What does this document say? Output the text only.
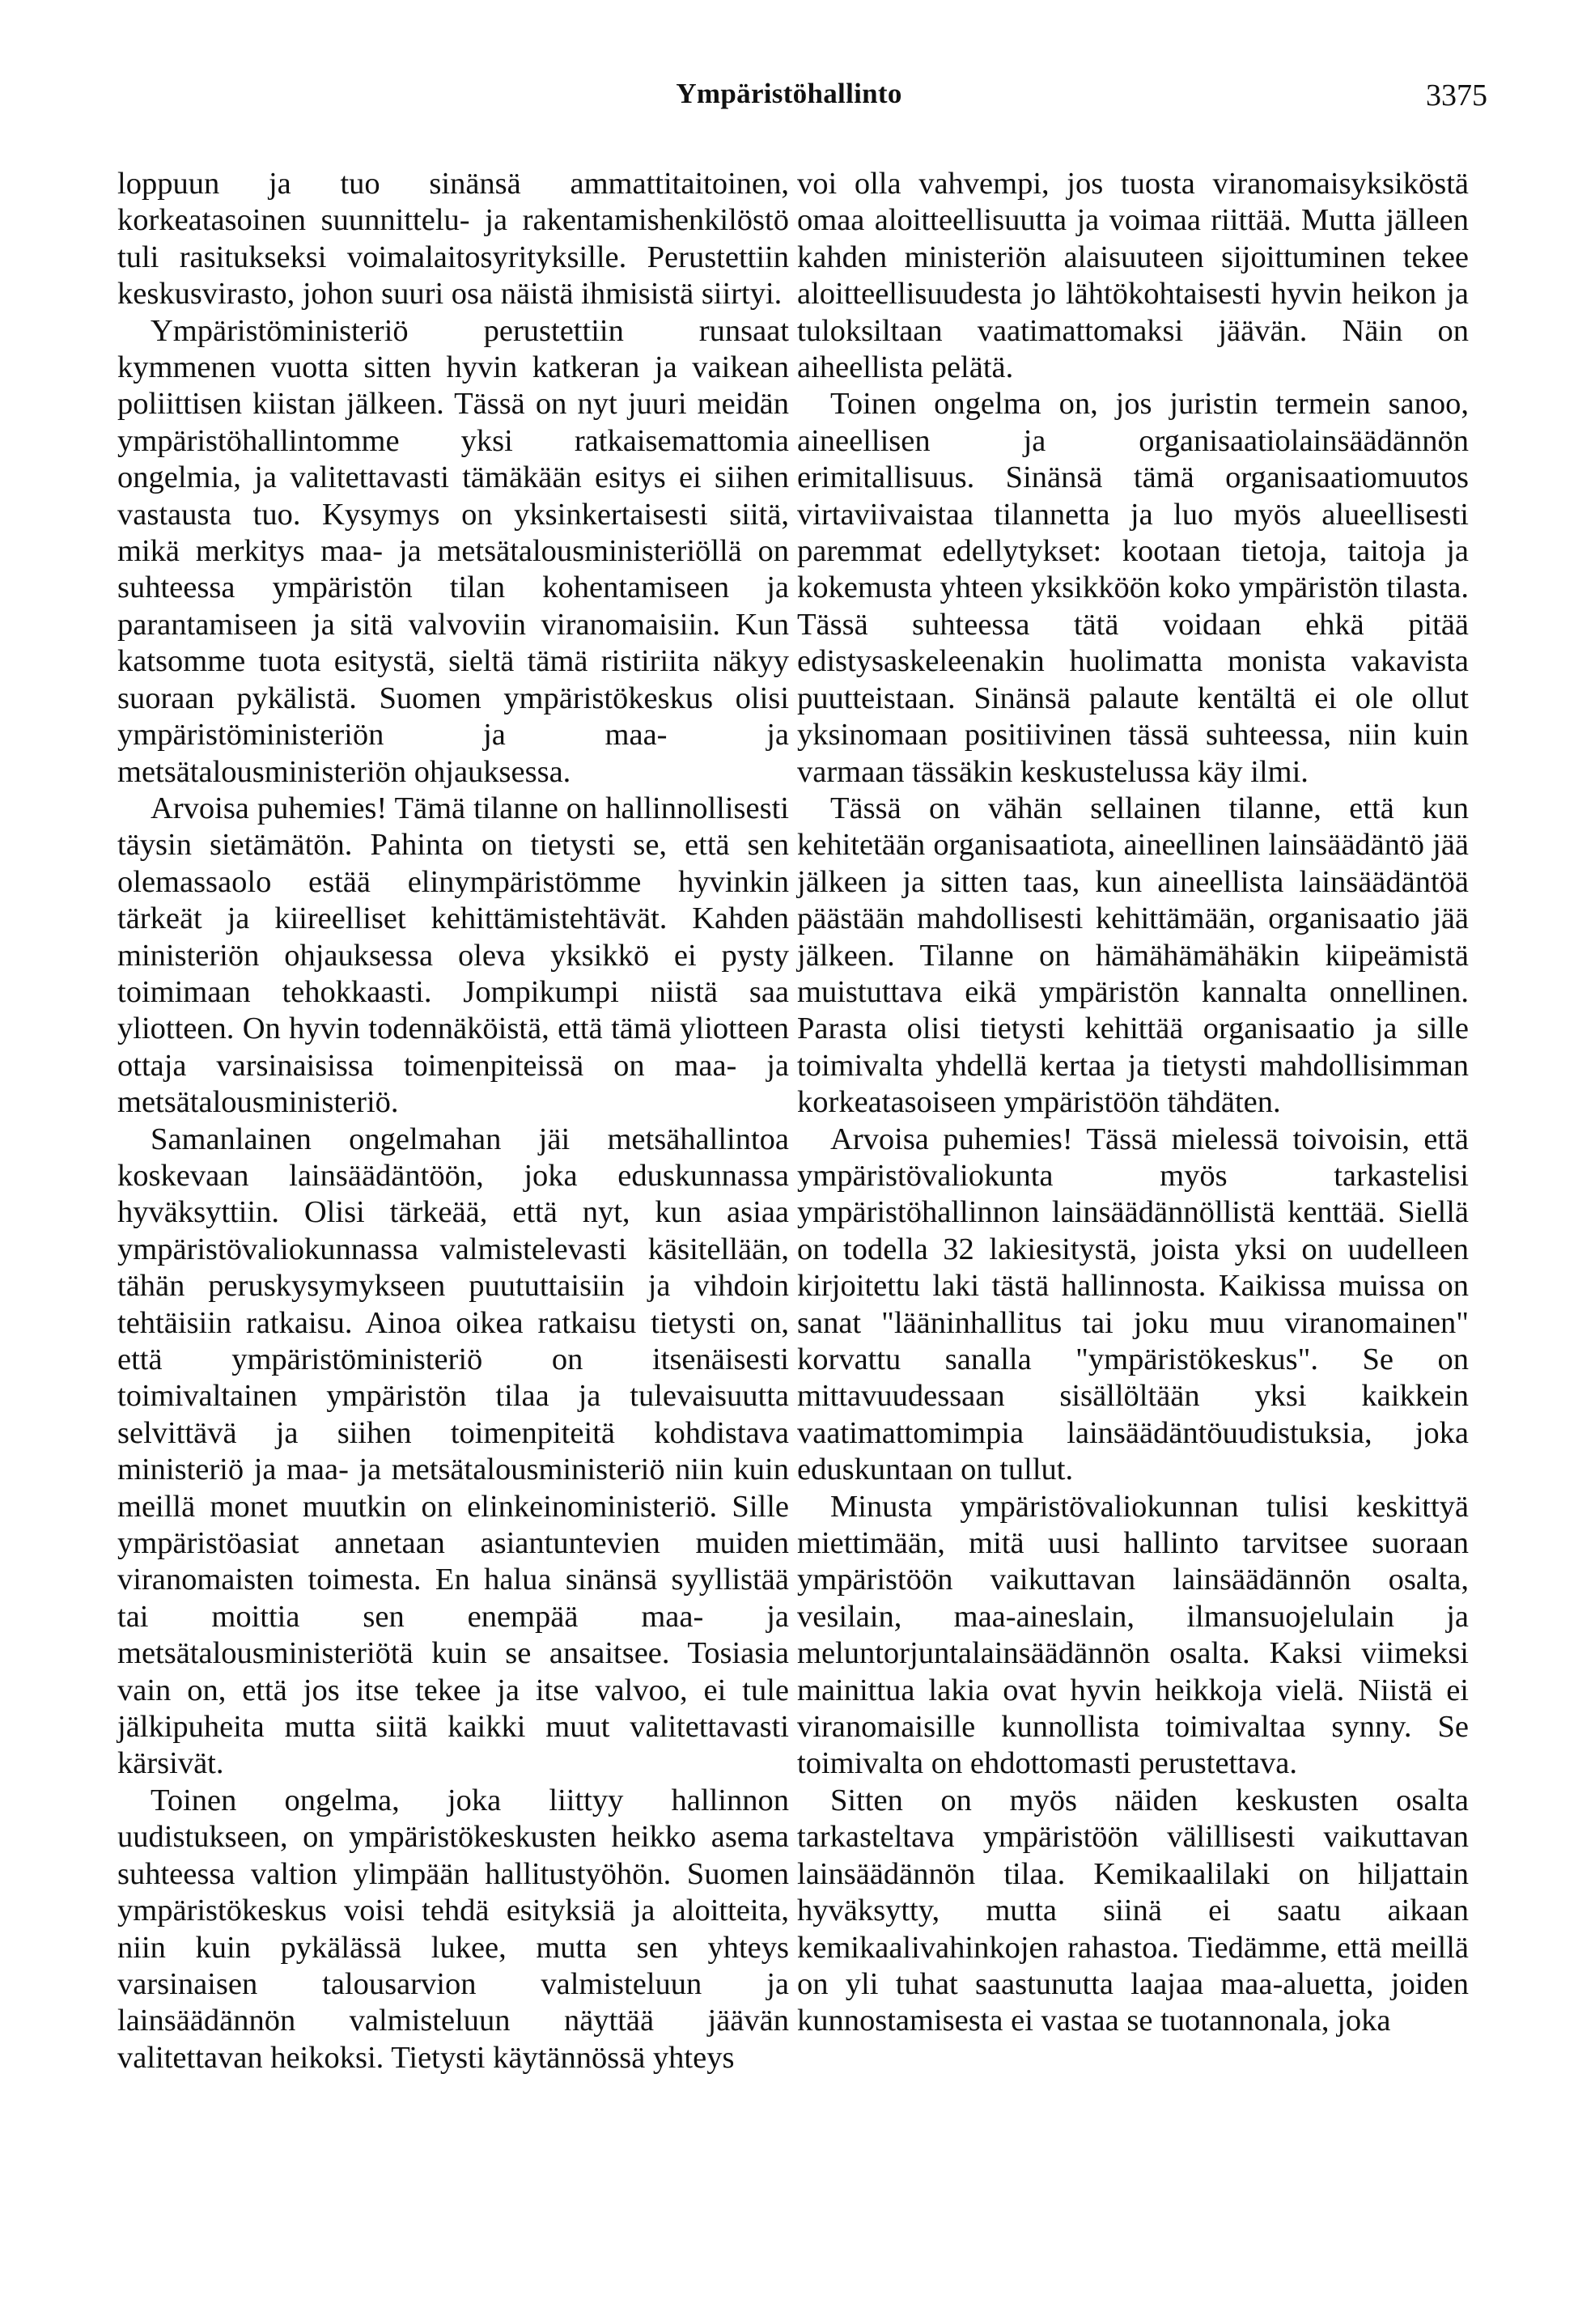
Ympäristöhallinto	3375

loppuun ja tuo sinänsä ammattitaitoinen, korkeatasoinen suunnittelu- ja rakentamishenkilöstö tuli rasitukseksi voimalaitosyrityksille. Perustettiin keskusvirasto, johon suuri osa näistä ihmisistä siirtyi.

Ympäristöministeriö perustettiin runsaat kymmenen vuotta sitten hyvin katkeran ja vaikean poliittisen kiistan jälkeen. Tässä on nyt juuri meidän ympäristöhallintomme yksi ratkaisemattomia ongelmia, ja valitettavasti tämäkään esitys ei siihen vastausta tuo. Kysymys on yksinkertaisesti siitä, mikä merkitys maa- ja metsätalousministeriöllä on suhteessa ympäristön tilan kohentamiseen ja parantamiseen ja sitä valvoviin viranomaisiin. Kun katsomme tuota esitystä, sieltä tämä ristiriita näkyy suoraan pykälistä. Suomen ympäristökeskus olisi ympäristöministeriön ja maa- ja metsätalousministeriön ohjauksessa.

Arvoisa puhemies! Tämä tilanne on hallinnollisesti täysin sietämätön. Pahinta on tietysti se, että sen olemassaolo estää elinympäristömme hyvinkin tärkeät ja kiireelliset kehittämistehtävät. Kahden ministeriön ohjauksessa oleva yksikkö ei pysty toimimaan tehokkaasti. Jompikumpi niistä saa yliotteen. On hyvin todennäköistä, että tämä yliotteen ottaja varsinaisissa toimenpiteissä on maa- ja metsätalousministeriö.

Samanlainen ongelmahan jäi metsähallintoa koskevaan lainsäädäntöön, joka eduskunnassa hyväksyttiin. Olisi tärkeää, että nyt, kun asiaa ympäristövaliokunnassa valmistelevasti käsitellään, tähän peruskysymykseen puututtaisiin ja vihdoin tehtäisiin ratkaisu. Ainoa oikea ratkaisu tietysti on, että ympäristöministeriö on itsenäisesti toimivaltainen ympäristön tilaa ja tulevaisuutta selvittävä ja siihen toimenpiteitä kohdistava ministeriö ja maa- ja metsätalousministeriö niin kuin meillä monet muutkin on elinkeinoministeriö. Sille ympäristöasiat annetaan asiantuntevien muiden viranomaisten toimesta. En halua sinänsä syyllistää tai moittia sen enempää maa- ja metsätalousministeriötä kuin se ansaitsee. Tosiasia vain on, että jos itse tekee ja itse valvoo, ei tule jälkipuheita mutta siitä kaikki muut valitettavasti kärsivät.

Toinen ongelma, joka liittyy hallinnon uudistukseen, on ympäristökeskusten heikko asema suhteessa valtion ylimpään hallitustyöhön. Suomen ympäristökeskus voisi tehdä esityksiä ja aloitteita, niin kuin pykälässä lukee, mutta sen yhteys varsinaisen talousarvion valmisteluun ja lainsäädännön valmisteluun näyttää jäävän valitettavan heikoksi. Tietysti käytännössä yhteys

voi olla vahvempi, jos tuosta viranomaisyksiköstä omaa aloitteellisuutta ja voimaa riittää. Mutta jälleen kahden ministeriön alaisuuteen sijoittuminen tekee aloitteellisuudesta jo lähtökohtaisesti hyvin heikon ja tuloksiltaan vaatimattomaksi jäävän. Näin on aiheellista pelätä.

Toinen ongelma on, jos juristin termein sanoo, aineellisen ja organisaatiolainsäädännön erimitallisuus. Sinänsä tämä organisaatiomuutos virtaviivaistaa tilannetta ja luo myös alueellisesti paremmat edellytykset: kootaan tietoja, taitoja ja kokemusta yhteen yksikköön koko ympäristön tilasta. Tässä suhteessa tätä voidaan ehkä pitää edistysaskeleenakin huolimatta monista vakavista puutteistaan. Sinänsä palaute kentältä ei ole ollut yksinomaan positiivinen tässä suhteessa, niin kuin varmaan tässäkin keskustelussa käy ilmi.

Tässä on vähän sellainen tilanne, että kun kehitetään organisaatiota, aineellinen lainsäädäntö jää jälkeen ja sitten taas, kun aineellista lainsäädäntöä päästään mahdollisesti kehittämään, organisaatio jää jälkeen. Tilanne on hämähämähäkin kiipeämistä muistuttava eikä ympäristön kannalta onnellinen. Parasta olisi tietysti kehittää organisaatio ja sille toimivalta yhdellä kertaa ja tietysti mahdollisimman korkeatasoiseen ympäristöön tähdäten.

Arvoisa puhemies! Tässä mielessä toivoisin, että ympäristövaliokunta myös tarkastelisi ympäristöhallinnon lainsäädännöllistä kenttää. Siellä on todella 32 lakiesitystä, joista yksi on uudelleen kirjoitettu laki tästä hallinnosta. Kaikissa muissa on sanat "lääninhallitus tai joku muu viranomainen" korvattu sanalla "ympäristökeskus". Se on mittavuudessaan sisällöltään yksi kaikkein vaatimattomimpia lainsäädäntöuudistuksia, joka eduskuntaan on tullut.

Minusta ympäristövaliokunnan tulisi keskittyä miettimään, mitä uusi hallinto tarvitsee suoraan ympäristöön vaikuttavan lainsäädännön osalta, vesilain, maa-aineslain, ilmansuojelulain ja meluntorjuntalainsäädännön osalta. Kaksi viimeksi mainittua lakia ovat hyvin heikkoja vielä. Niistä ei viranomaisille kunnollista toimivaltaa synny. Se toimivalta on ehdottomasti perustettava.

Sitten on myös näiden keskusten osalta tarkasteltava ympäristöön välillisesti vaikuttavan lainsäädännön tilaa. Kemikaalilaki on hiljattain hyväksytty, mutta siinä ei saatu aikaan kemikaalivahinkojen rahastoa. Tiedämme, että meillä on yli tuhat saastunutta laajaa maa-aluetta, joiden kunnostamisesta ei vastaa se tuotannonala, joka
